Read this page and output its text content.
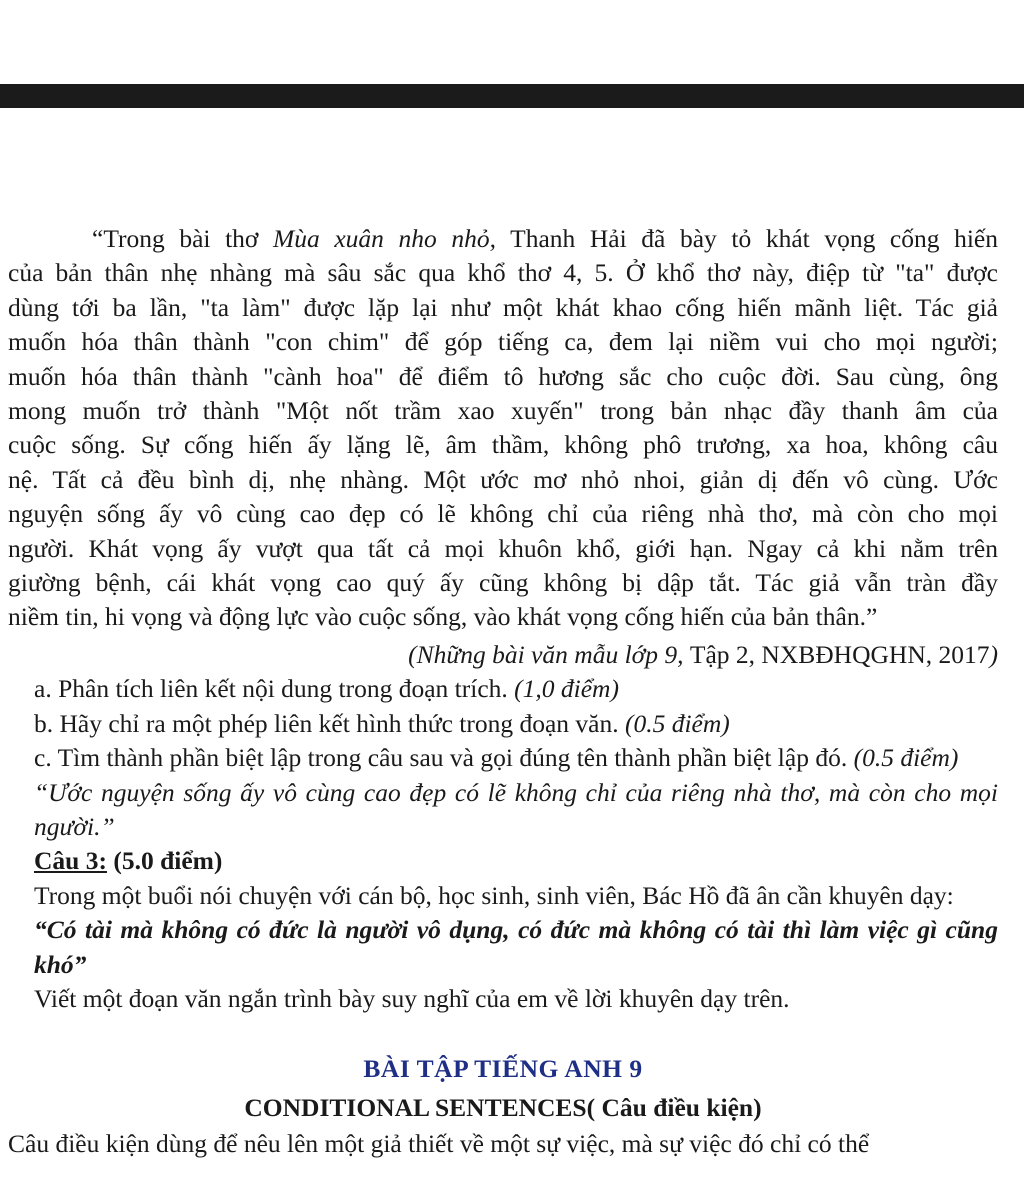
“Trong bài thơ Mùa xuân nho nhỏ, Thanh Hải đã bày tỏ khát vọng cống hiến

của bản thân nhẹ nhàng mà sâu sắc qua khổ thơ 4, 5. Ở khổ thơ này, điệp từ "ta" được

dùng tới ba lần, "ta làm" được lặp lại như một khát khao cống hiến mãnh liệt. Tác giả

muốn hóa thân thành "con chim" để góp tiếng ca, đem lại niềm vui cho mọi người;

muốn hóa thân thành "cành hoa" để điểm tô hương sắc cho cuộc đời. Sau cùng, ông

mong muốn trở thành "Một nốt trầm xao xuyến" trong bản nhạc đầy thanh âm của

cuộc sống. Sự cống hiến ấy lặng lẽ, âm thầm, không phô trương, xa hoa, không câu

nệ. Tất cả đều bình dị, nhẹ nhàng. Một ước mơ nhỏ nhoi, giản dị đến vô cùng. Ước

nguyện sống ấy vô cùng cao đẹp có lẽ không chỉ của riêng nhà thơ, mà còn cho mọi

người. Khát vọng ấy vượt qua tất cả mọi khuôn khổ, giới hạn. Ngay cả khi nằm trên

giường bệnh, cái khát vọng cao quý ấy cũng không bị dập tắt. Tác giả vẫn tràn đầy

niềm tin, hi vọng và động lực vào cuộc sống, vào khát vọng cống hiến của bản thân.”

(Những bài văn mẫu lớp 9, Tập 2, NXBĐHQGHN, 2017)

a. Phân tích liên kết nội dung trong đoạn trích. (1,0 điểm)

b. Hãy chỉ ra một phép liên kết hình thức trong đoạn văn. (0.5 điểm)

c. Tìm thành phần biệt lập trong câu sau và gọi đúng tên thành phần biệt lập đó. (0.5 điểm)

“Ước nguyện sống ấy vô cùng cao đẹp có lẽ không chỉ của riêng nhà thơ, mà còn cho mọi người.”

Câu 3: (5.0 điểm)

Trong một buổi nói chuyện với cán bộ, học sinh, sinh viên, Bác Hồ đã ân cần khuyên dạy:

“Có tài mà không có đức là người vô dụng, có đức mà không có tài thì làm việc gì cũng khó”

Viết một đoạn văn ngắn trình bày suy nghĩ của em về lời khuyên dạy trên.

BÀI TẬP TIẾNG ANH 9

CONDITIONAL SENTENCES( Câu điều kiện)

Câu điều kiện dùng để nêu lên một giả thiết về một sự việc, mà sự việc đó chỉ có thể
